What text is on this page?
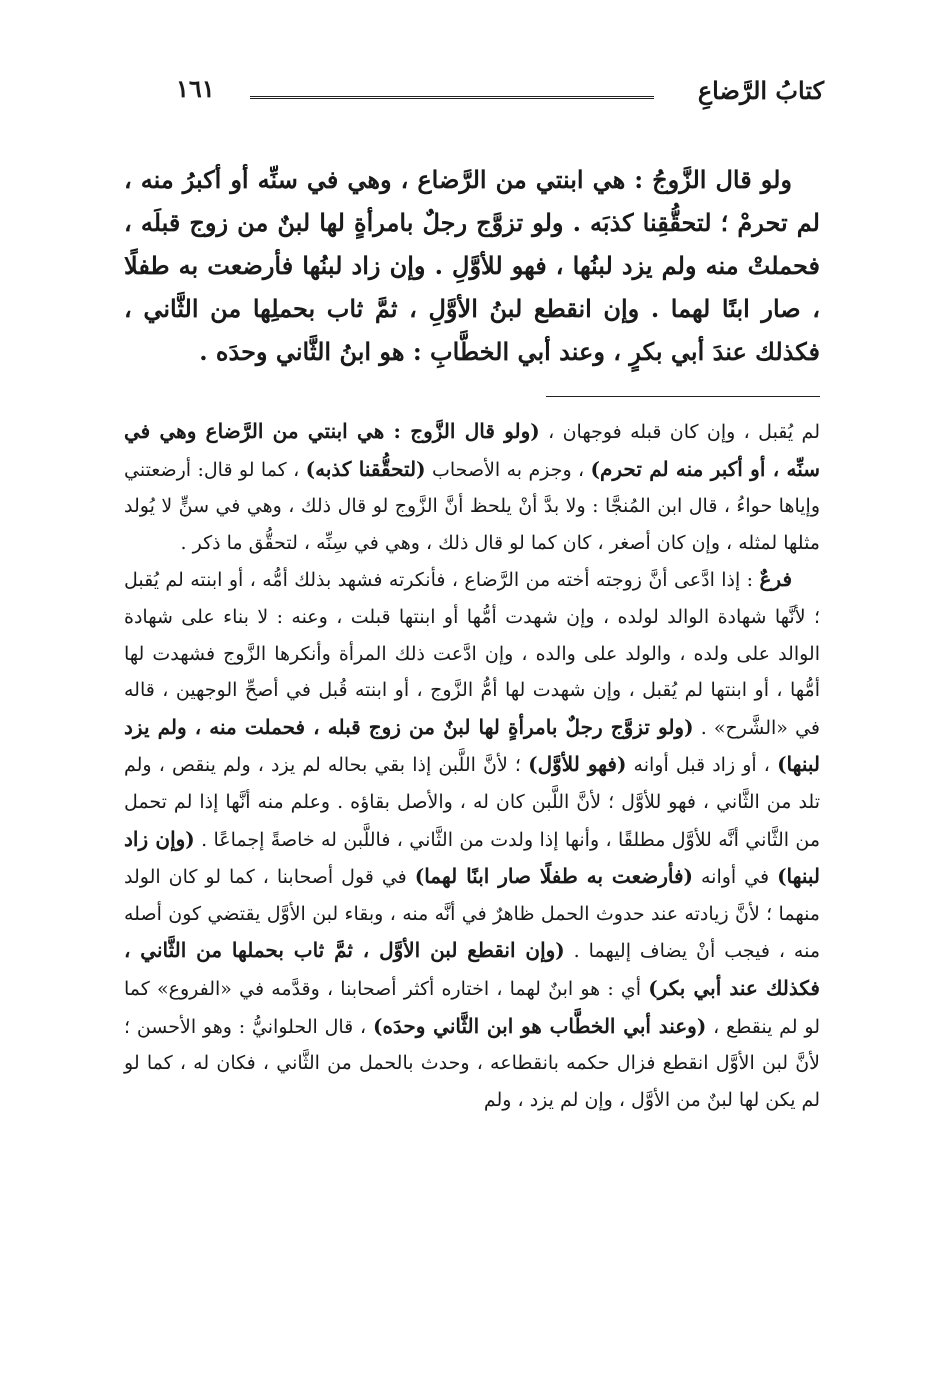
كتابُ الرَّضاعِ
١٦١

ولو قال الزَّوجُ : هي ابنتي من الرَّضاع ، وهي في سنِّه أو أكبرُ منه ، لم تحرمْ ؛ لتحقُّقِنا كذبَه . ولو تزوَّج رجلٌ بامرأةٍ لها لبنٌ من زوج قبلَه ، فحملتْ منه ولم يزد لبنُها ، فهو للأوَّلِ . وإن زاد لبنُها فأرضعت به طفلًا ، صار ابنًا لهما . وإن انقطع لبنُ الأوَّلِ ، ثمَّ ثاب بحملِها من الثَّاني ، فكذلك عندَ أبي بكرٍ ، وعند أبي الخطَّابِ : هو ابنُ الثَّاني وحدَه .

لم يُقبل ، وإن كان قبله فوجهان ، (ولو قال الزَّوج : هي ابنتي من الرَّضاع وهي في سنِّه ، أو أكبر منه لم تحرم) ، وجزم به الأصحاب (لتحقُّقنا كذبه) ، كما لو قال: أرضعتني وإياها حواءُ ، قال ابن المُنجَّا : ولا بدَّ أنْ يلحظ أنَّ الزَّوج لو قال ذلك ، وهي في سنٍّ لا يُولد مثلها لمثله ، وإن كان أصغر ، كان كما لو قال ذلك ، وهي في سِنِّه ، لتحقُّق ما ذكر .

فرعٌ : إذا ادَّعى أنَّ زوجته أخته من الرَّضاع ، فأنكرته فشهد بذلك أمُّه ، أو ابنته لم يُقبل ؛ لأنَّها شهادة الوالد لولده ، وإن شهدت أمُّها أو ابنتها قبلت ، وعنه : لا بناء على شهادة الوالد على ولده ، والولد على والده ، وإن ادَّعت ذلك المرأة وأنكرها الزَّوج فشهدت لها أمُّها ، أو ابنتها لم يُقبل ، وإن شهدت لها أمُّ الزَّوج ، أو ابنته قُبل في أصحِّ الوجهين ، قاله في «الشَّرح» . (ولو تزوَّج رجلٌ بامرأةٍ لها لبنٌ من زوج قبله ، فحملت منه ، ولم يزد لبنها) ، أو زاد قبل أوانه (فهو للأوَّل) ؛ لأنَّ اللَّبن إذا بقي بحاله لم يزد ، ولم ينقص ، ولم تلد من الثَّاني ، فهو للأوَّل ؛ لأنَّ اللَّبن كان له ، والأصل بقاؤه . وعلم منه أنَّها إذا لم تحمل من الثَّاني أنَّه للأوَّل مطلقًا ، وأنها إذا ولدت من الثَّاني ، فاللَّبن له خاصةً إجماعًا . (وإن زاد لبنها) في أوانه (فأرضعت به طفلًا صار ابنًا لهما) في قول أصحابنا ، كما لو كان الولد منهما ؛ لأنَّ زيادته عند حدوث الحمل ظاهرٌ في أنَّه منه ، وبقاء لبن الأوَّل يقتضي كون أصله منه ، فيجب أنْ يضاف إليهما . (وإن انقطع لبن الأوَّل ، ثمَّ ثاب بحملها من الثَّاني ، فكذلك عند أبي بكر) أي : هو ابنٌ لهما ، اختاره أكثر أصحابنا ، وقدَّمه في «الفروع» كما لو لم ينقطع ، (وعند أبي الخطَّاب هو ابن الثَّاني وحدَه) ، قال الحلوانيُّ : وهو الأحسن ؛ لأنَّ لبن الأوَّل انقطع فزال حكمه بانقطاعه ، وحدث بالحمل من الثَّاني ، فكان له ، كما لو لم يكن لها لبنٌ من الأوَّل ، وإن لم يزد ، ولم
